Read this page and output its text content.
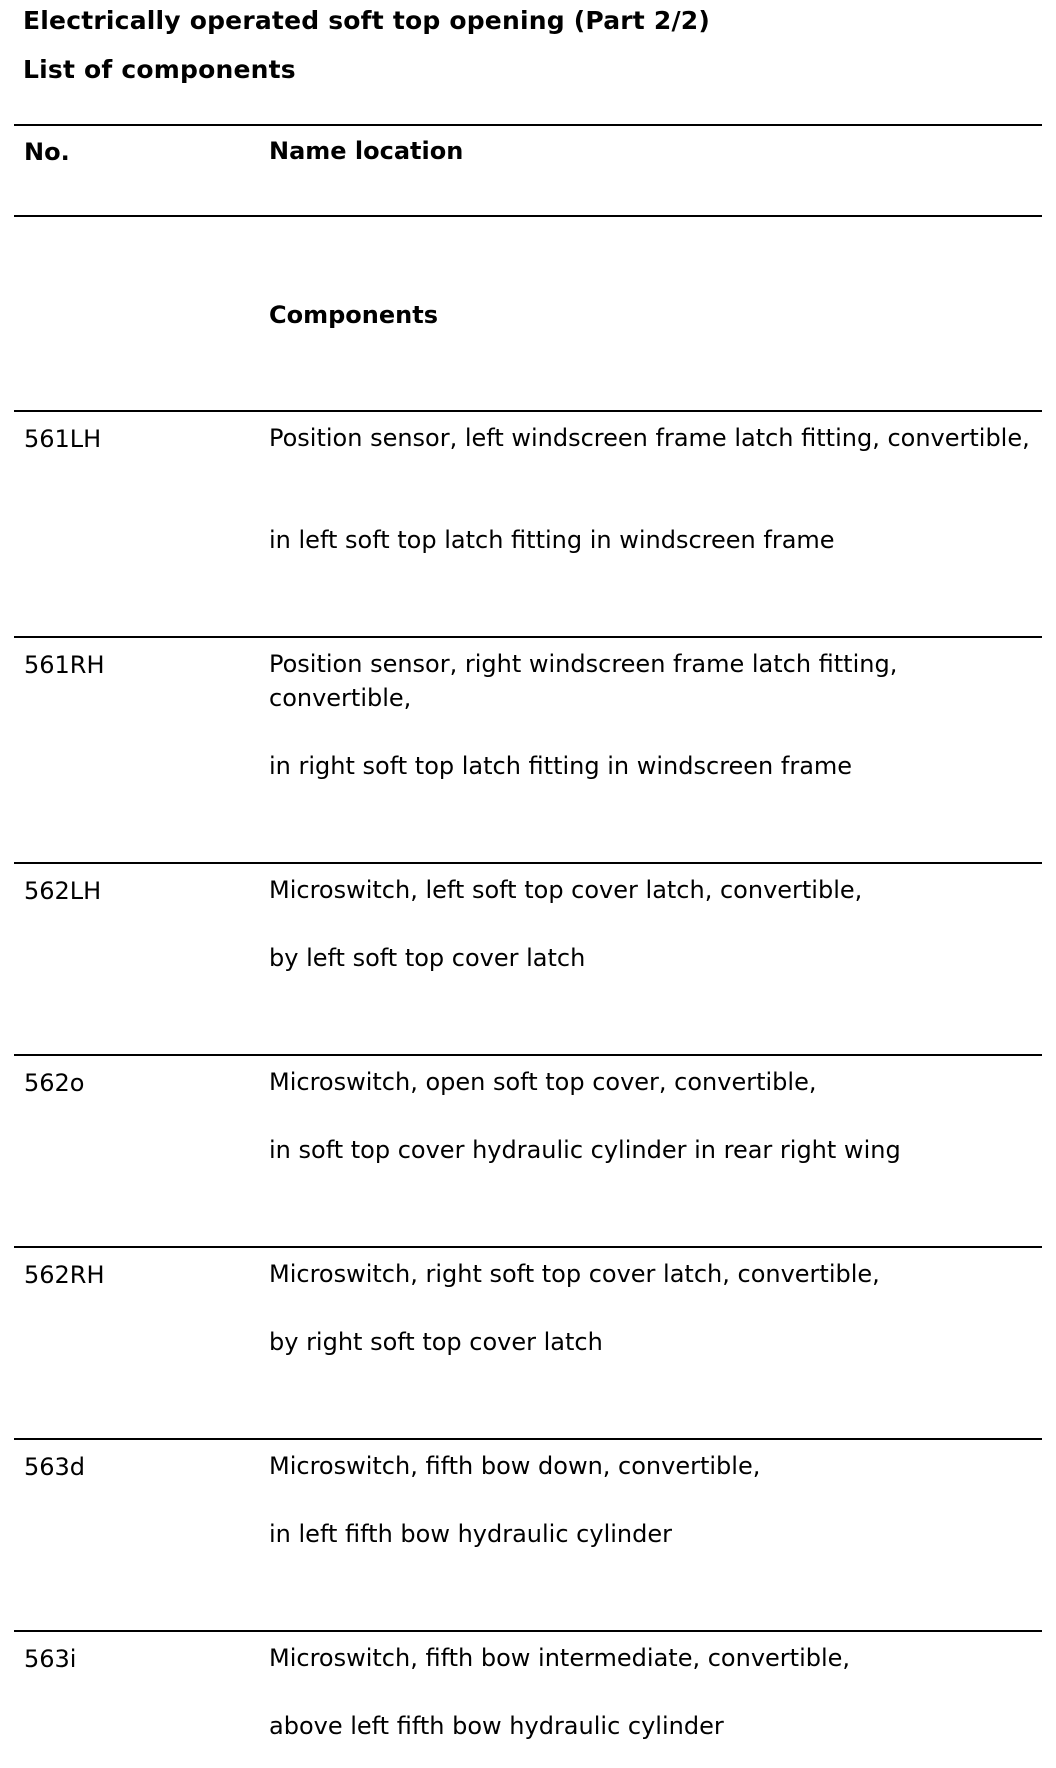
Electrically operated soft top opening (Part 2/2)
List of components
No.	Name location
Components
561LH	Position sensor, left windscreen frame latch fitting, convertible,
in left soft top latch fitting in windscreen frame
561RH	Position sensor, right windscreen frame latch fitting, convertible,
in right soft top latch fitting in windscreen frame
562LH	Microswitch, left soft top cover latch, convertible,
by left soft top cover latch
562o	Microswitch, open soft top cover, convertible,
in soft top cover hydraulic cylinder in rear right wing
562RH	Microswitch, right soft top cover latch, convertible,
by right soft top cover latch
563d	Microswitch, fifth bow down, convertible,
in left fifth bow hydraulic cylinder
563i	Microswitch, fifth bow intermediate, convertible,
above left fifth bow hydraulic cylinder
